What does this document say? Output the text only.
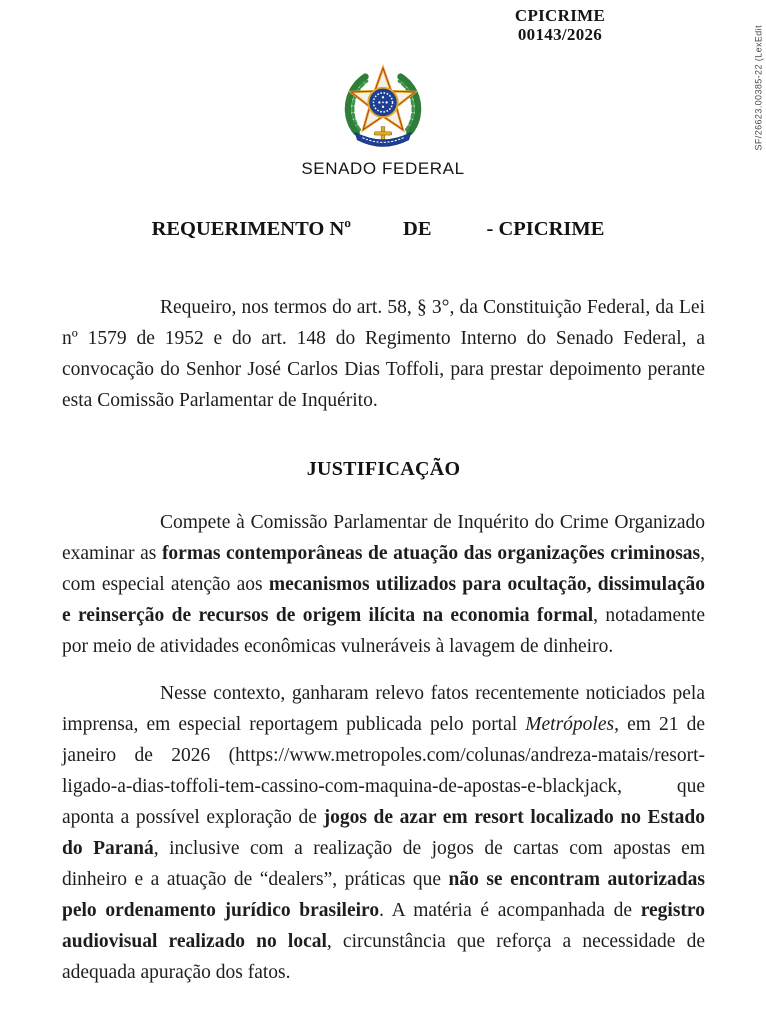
CPICRIME
00143/2026	SF/26623.00385-22 (LexEdit
SENADO FEDERAL
REQUERIMENTO Nº	DE	- CPICRIME

Requeiro, nos termos do art. 58, § 3°, da Constituição Federal, da Lei nº 1579 de 1952 e do art. 148 do Regimento Interno do Senado Federal, a convocação do Senhor José Carlos Dias Toffoli, para prestar depoimento perante esta Comissão Parlamentar de Inquérito.

JUSTIFICAÇÃO

Compete à Comissão Parlamentar de Inquérito do Crime Organizado examinar as formas contemporâneas de atuação das organizações criminosas, com especial atenção aos mecanismos utilizados para ocultação, dissimulação e reinserção de recursos de origem ilícita na economia formal, notadamente por meio de atividades econômicas vulneráveis à lavagem de dinheiro.

Nesse contexto, ganharam relevo fatos recentemente noticiados pela imprensa, em especial reportagem publicada pelo portal Metrópoles, em 21 de janeiro de 2026 (https://www.metropoles.com/colunas/andreza-matais/resort-ligado-a-dias-toffoli-tem-cassino-com-maquina-de-apostas-e-blackjack, que aponta a possível exploração de jogos de azar em resort localizado no Estado do Paraná, inclusive com a realização de jogos de cartas com apostas em dinheiro e a atuação de “dealers”, práticas que não se encontram autorizadas pelo ordenamento jurídico brasileiro. A matéria é acompanhada de registro audiovisual realizado no local, circunstância que reforça a necessidade de adequada apuração dos fatos.
